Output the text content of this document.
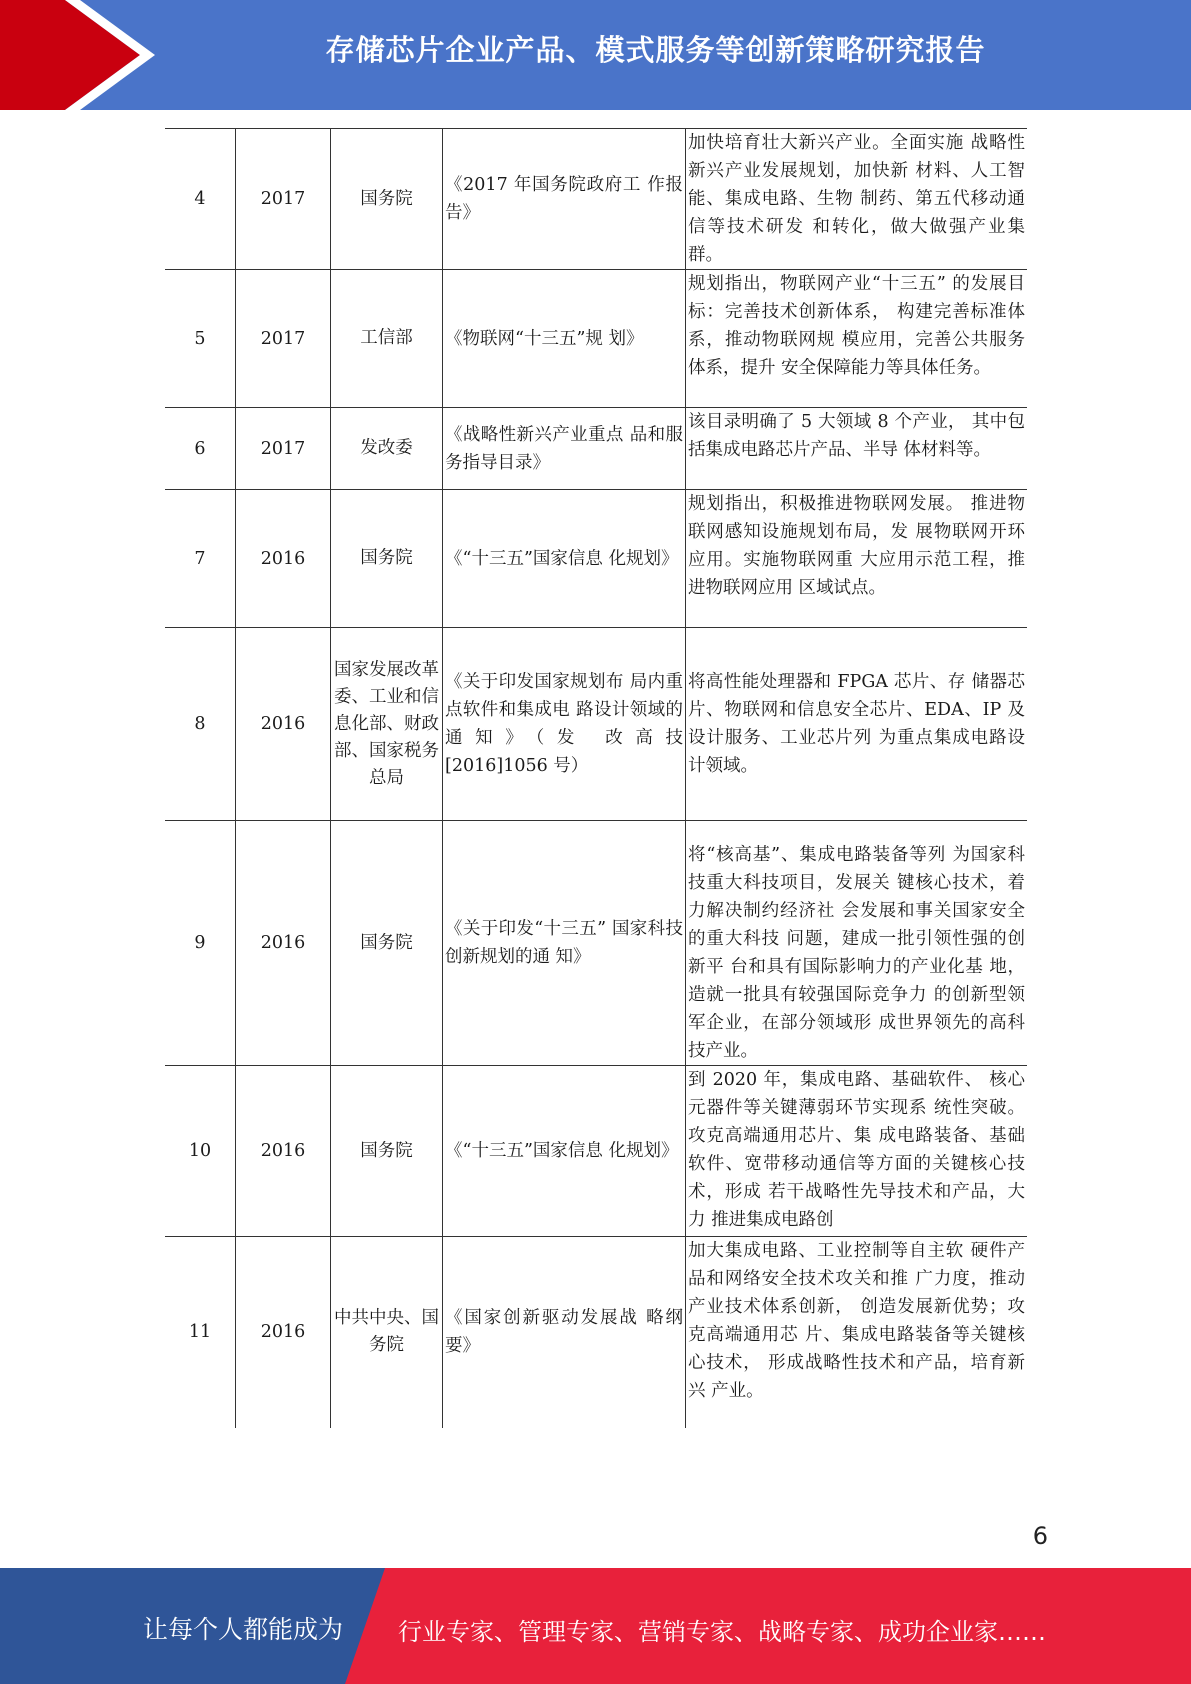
存储芯片企业产品、模式服务等创新策略研究报告
4	2017	国务院	《2017 年国务院政府工 作报告》	加快培育壮大新兴产业。全面实施 战略性新兴产业发展规划，加快新 材料、人工智能、集成电路、生物 制药、第五代移动通信等技术研发 和转化，做大做强产业集群。
5	2017	工信部	《物联网“十三五”规 划》	规划指出，物联网产业“十三五” 的发展目标：完善技术创新体系， 构建完善标准体系，推动物联网规 模应用，完善公共服务体系，提升 安全保障能力等具体任务。
6	2017	发改委	《战略性新兴产业重点 品和服务指导目录》	该目录明确了 5 大领域 8 个产业， 其中包括集成电路芯片产品、半导 体材料等。
7	2016	国务院	《“十三五”国家信息 化规划》	规划指出，积极推进物联网发展。 推进物联网感知设施规划布局，发 展物联网开环应用。实施物联网重 大应用示范工程，推进物联网应用 区域试点。
8	2016	国家发展改革委、工业和信息化部、财政部、国家税务总局	《关于印发国家规划布 局内重点软件和集成电 路设计领域的通知》（发 改高技[2016]1056 号）	将高性能处理器和 FPGA 芯片、存 储器芯片、物联网和信息安全芯片、EDA、IP 及设计服务、工业芯片列 为重点集成电路设计领域。
9	2016	国务院	《关于印发“十三五” 国家科技创新规划的通 知》	将“核高基”、集成电路装备等列 为国家科技重大科技项目，发展关 键核心技术，着力解决制约经济社 会发展和事关国家安全的重大科技 问题，建成一批引领性强的创新平 台和具有国际影响力的产业化基 地，造就一批具有较强国际竞争力 的创新型领军企业，在部分领域形 成世界领先的高科技产业。
10	2016	国务院	《“十三五”国家信息 化规划》	到 2020 年，集成电路、基础软件、 核心元器件等关键薄弱环节实现系 统性突破。攻克高端通用芯片、集 成电路装备、基础软件、宽带移动通信等方面的关键核心技术，形成 若干战略性先导技术和产品，大力 推进集成电路创
11	2016	中共中央、国务院	《国家创新驱动发展战 略纲要》	加大集成电路、工业控制等自主软 硬件产品和网络安全技术攻关和推 广力度，推动产业技术体系创新， 创造发展新优势；攻克高端通用芯 片、集成电路装备等关键核心技术， 形成战略性技术和产品，培育新兴 产业。
6
让每个人都能成为 行业专家、管理专家、营销专家、战略专家、成功企业家……
